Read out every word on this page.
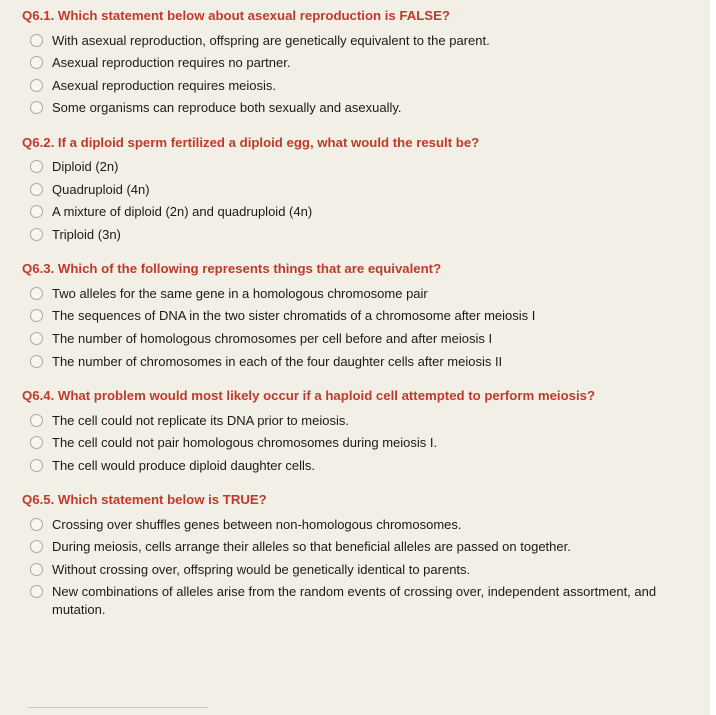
Q6.1. Which statement below about asexual reproduction is FALSE?
With asexual reproduction, offspring are genetically equivalent to the parent.
Asexual reproduction requires no partner.
Asexual reproduction requires meiosis.
Some organisms can reproduce both sexually and asexually.
Q6.2. If a diploid sperm fertilized a diploid egg, what would the result be?
Diploid (2n)
Quadruploid (4n)
A mixture of diploid (2n) and quadruploid (4n)
Triploid (3n)
Q6.3. Which of the following represents things that are equivalent?
Two alleles for the same gene in a homologous chromosome pair
The sequences of DNA in the two sister chromatids of a chromosome after meiosis I
The number of homologous chromosomes per cell before and after meiosis I
The number of chromosomes in each of the four daughter cells after meiosis II
Q6.4. What problem would most likely occur if a haploid cell attempted to perform meiosis?
The cell could not replicate its DNA prior to meiosis.
The cell could not pair homologous chromosomes during meiosis I.
The cell would produce diploid daughter cells.
Q6.5. Which statement below is TRUE?
Crossing over shuffles genes between non-homologous chromosomes.
During meiosis, cells arrange their alleles so that beneficial alleles are passed on together.
Without crossing over, offspring would be genetically identical to parents.
New combinations of alleles arise from the random events of crossing over, independent assortment, and mutation.
